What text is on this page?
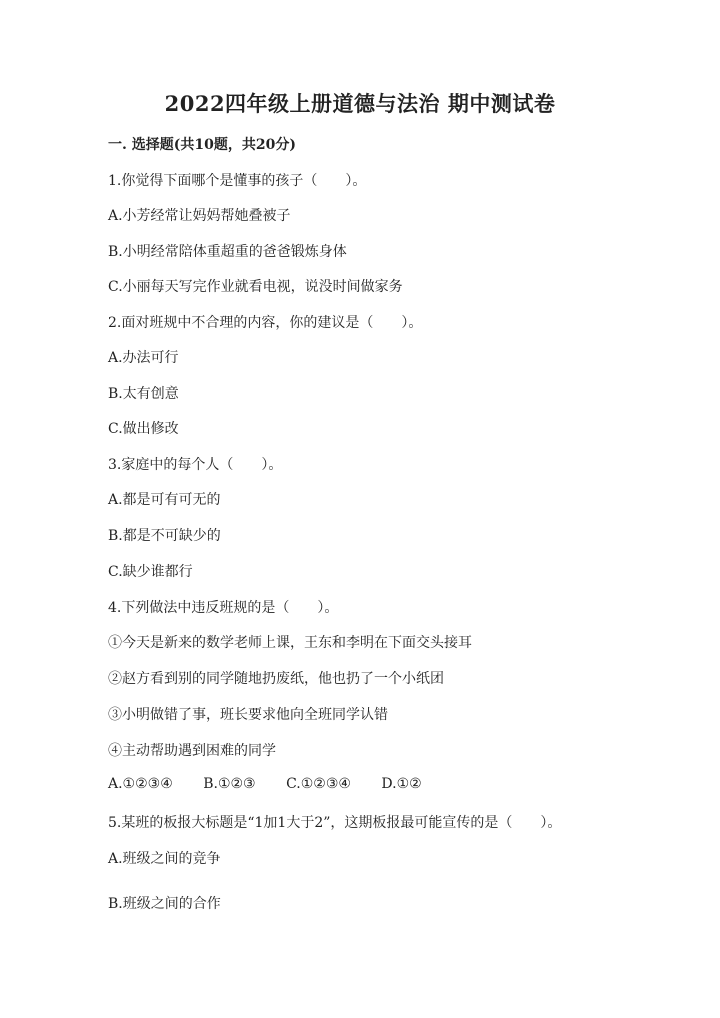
2022四年级上册道德与法治 期中测试卷
一. 选择题(共10题，共20分)
1.你觉得下面哪个是懂事的孩子（　　）。
A.小芳经常让妈妈帮她叠被子
B.小明经常陪体重超重的爸爸锻炼身体
C.小丽每天写完作业就看电视，说没时间做家务
2.面对班规中不合理的内容，你的建议是（　　）。
A.办法可行
B.太有创意
C.做出修改
3.家庭中的每个人（　　）。
A.都是可有可无的
B.都是不可缺少的
C.缺少谁都行
4.下列做法中违反班规的是（　　）。
①今天是新来的数学老师上课，王东和李明在下面交头接耳
②赵方看到别的同学随地扔废纸，他也扔了一个小纸团
③小明做错了事，班长要求他向全班同学认错
④主动帮助遇到困难的同学
A.①②③④ B.①②③ C.①②③④ D.①②
5.某班的板报大标题是“1加1大于2”，这期板报最可能宣传的是（　　）。
A.班级之间的竞争
B.班级之间的合作
